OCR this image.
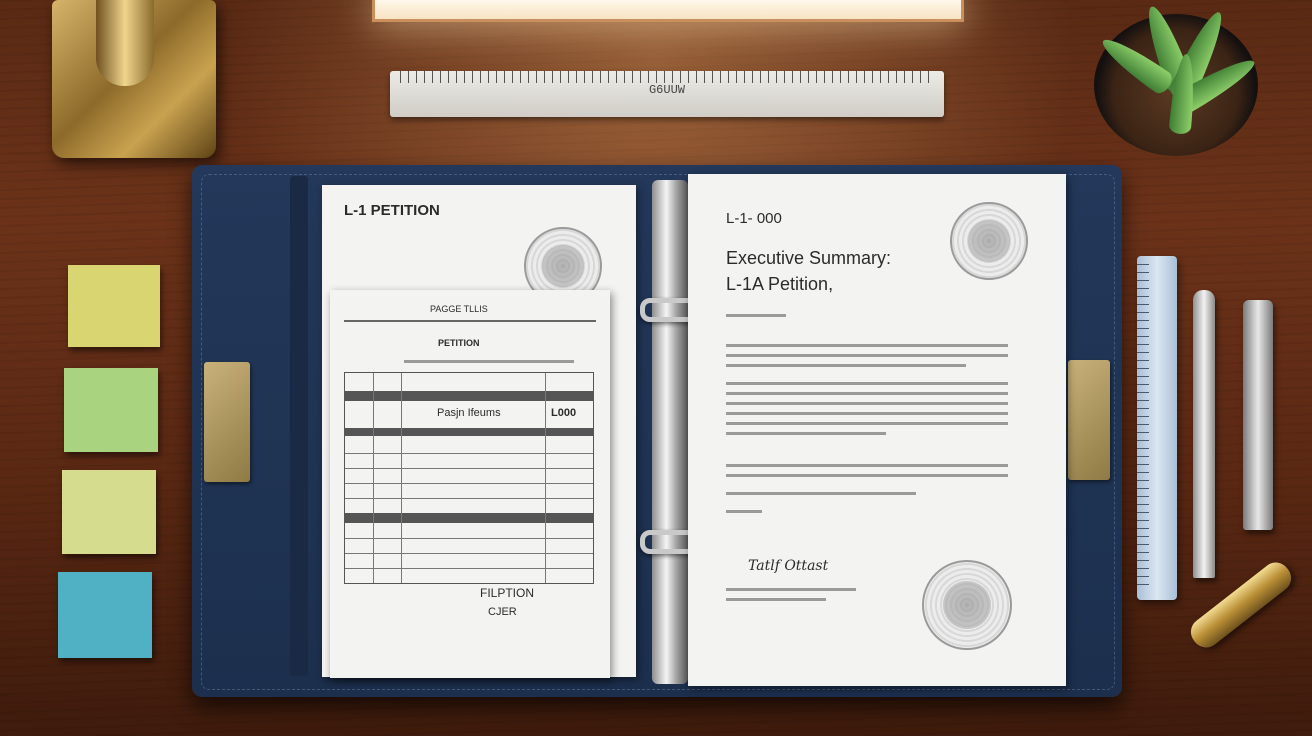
G6UUW
L-1 PETITION
PAGGE TLLIS
PETITION
Pasjn Ifeums	L000
FILPTION
CJER
L-1- 000
Executive Summary:
L-1A Petition,
Tatlf Ottast
